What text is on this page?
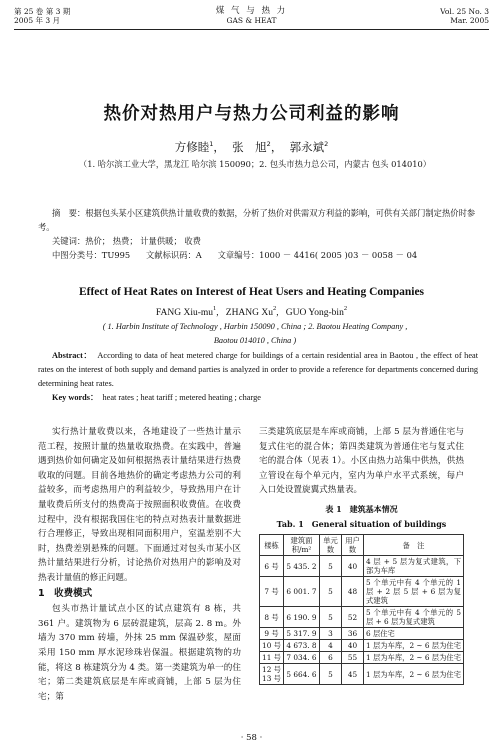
第 25 卷 第 3 期
2005 年 3 月
煤 气 与 热 力
GAS & HEAT
Vol. 25 No. 3
Mar. 2005
热价对热用户与热力公司利益的影响
方修睦$^1$， 张　旭$^2$， 郭永斌$^2$
（1. 哈尔滨工业大学，黑龙江 哈尔滨 150090；2. 包头市热力总公司，内蒙古 包头 014010）

摘　要：根据包头某小区建筑供热计量收费的数据，分析了热价对供需双方利益的影响，可供有关部门制定热价时参考。

关键词：热价； 热费； 计量供暖； 收费

中图分类号：TU995 文献标识码：A 文章编号：1000 － 4416( 2005 )03 － 0058 － 04

Effect of Heat Rates on Interest of Heat Users and Heating Companies
FANG Xiu-$mu^1$,   ZHANG Xu$^2$,   GUO Yong-bin$^2$
( 1. Harbin Institute of Technology , Harbin 150090 , China ; 2. Baotou Heating Company ,
Baotou 014010 , China )

Abstract： According to data of heat metered charge for buildings of a certain residential area in Baotou , the effect of heat rates on the interest of both supply and demand parties is analyzed in order to provide a reference for departments concerned during determining heat rates.

Key words： heat rates ; heat tariff ; metered heating ; charge

实行热计量收费以来，各地建设了一些热计量示范工程，按照计量的热量收取热费。在实践中，普遍遇到热价如何确定及如何根据热表计量结果进行热费收取的问题。目前各地热价的确定考虑热力公司的利益较多，而考虑热用户的利益较少，导致热用户在计量收费后所支付的热费高于按照面积收费值。在收费过程中，没有根据我国住宅的特点对热表计量数据进行合理修正，导致出现相同面积用户，室温差别不大时，热费差别悬殊的问题。下面通过对包头市某小区热计量结果进行分析，讨论热价对热用户的影响及对热表计量值的修正问题。

1　收费模式

包头市热计量试点小区的试点建筑有 8 栋，共 361 户。建筑物为 6 层砖混建筑，层高 2. 8 m。外墙为 370 mm 砖墙，外抹 25 mm 保温砂浆，屋面采用 150 mm 厚水泥珍珠岩保温。根据建筑物的功能，将这 8 栋建筑分为 4 类。第一类建筑为单一的住宅；第二类建筑底层是车库或商铺，上部 5 层为住宅；第

三类建筑底层是车库或商铺，上部 5 层为普通住宅与复式住宅的混合体；第四类建筑为普通住宅与复式住宅的混合体（见表 1）。小区由热力站集中供热，供热立管设在每个单元内，室内为单户水平式系统，每户入口处设置旋翼式热量表。

表 1　建筑基本情况
Tab. 1　General situation of buildings
楼栋	建筑面积/m²	单元数	用户数	备　注
6 号	5 435. 2	5	40	4 层 + 5 层为复式建筑，下部为车库
7 号	6 001. 7	5	48	5 个单元中有 4 个单元的 1 层 + 2 层 5 层 + 6 层为复式建筑
8 号	6 190. 9	5	52	5 个单元中有 4 个单元的 5 层 + 6 层为复式建筑
9 号	5 317. 9	3	36	6 层住宅
10 号	4 673. 8	4	40	1 层为车库，2 ~ 6 层为住宅
11 号	7 034. 6	6	55	1 层为车库，2 ~ 6 层为住宅
12 号
13 号	5 664. 6	5	45	1 层为车库，2 ~ 6 层为住宅
· 58 ·
